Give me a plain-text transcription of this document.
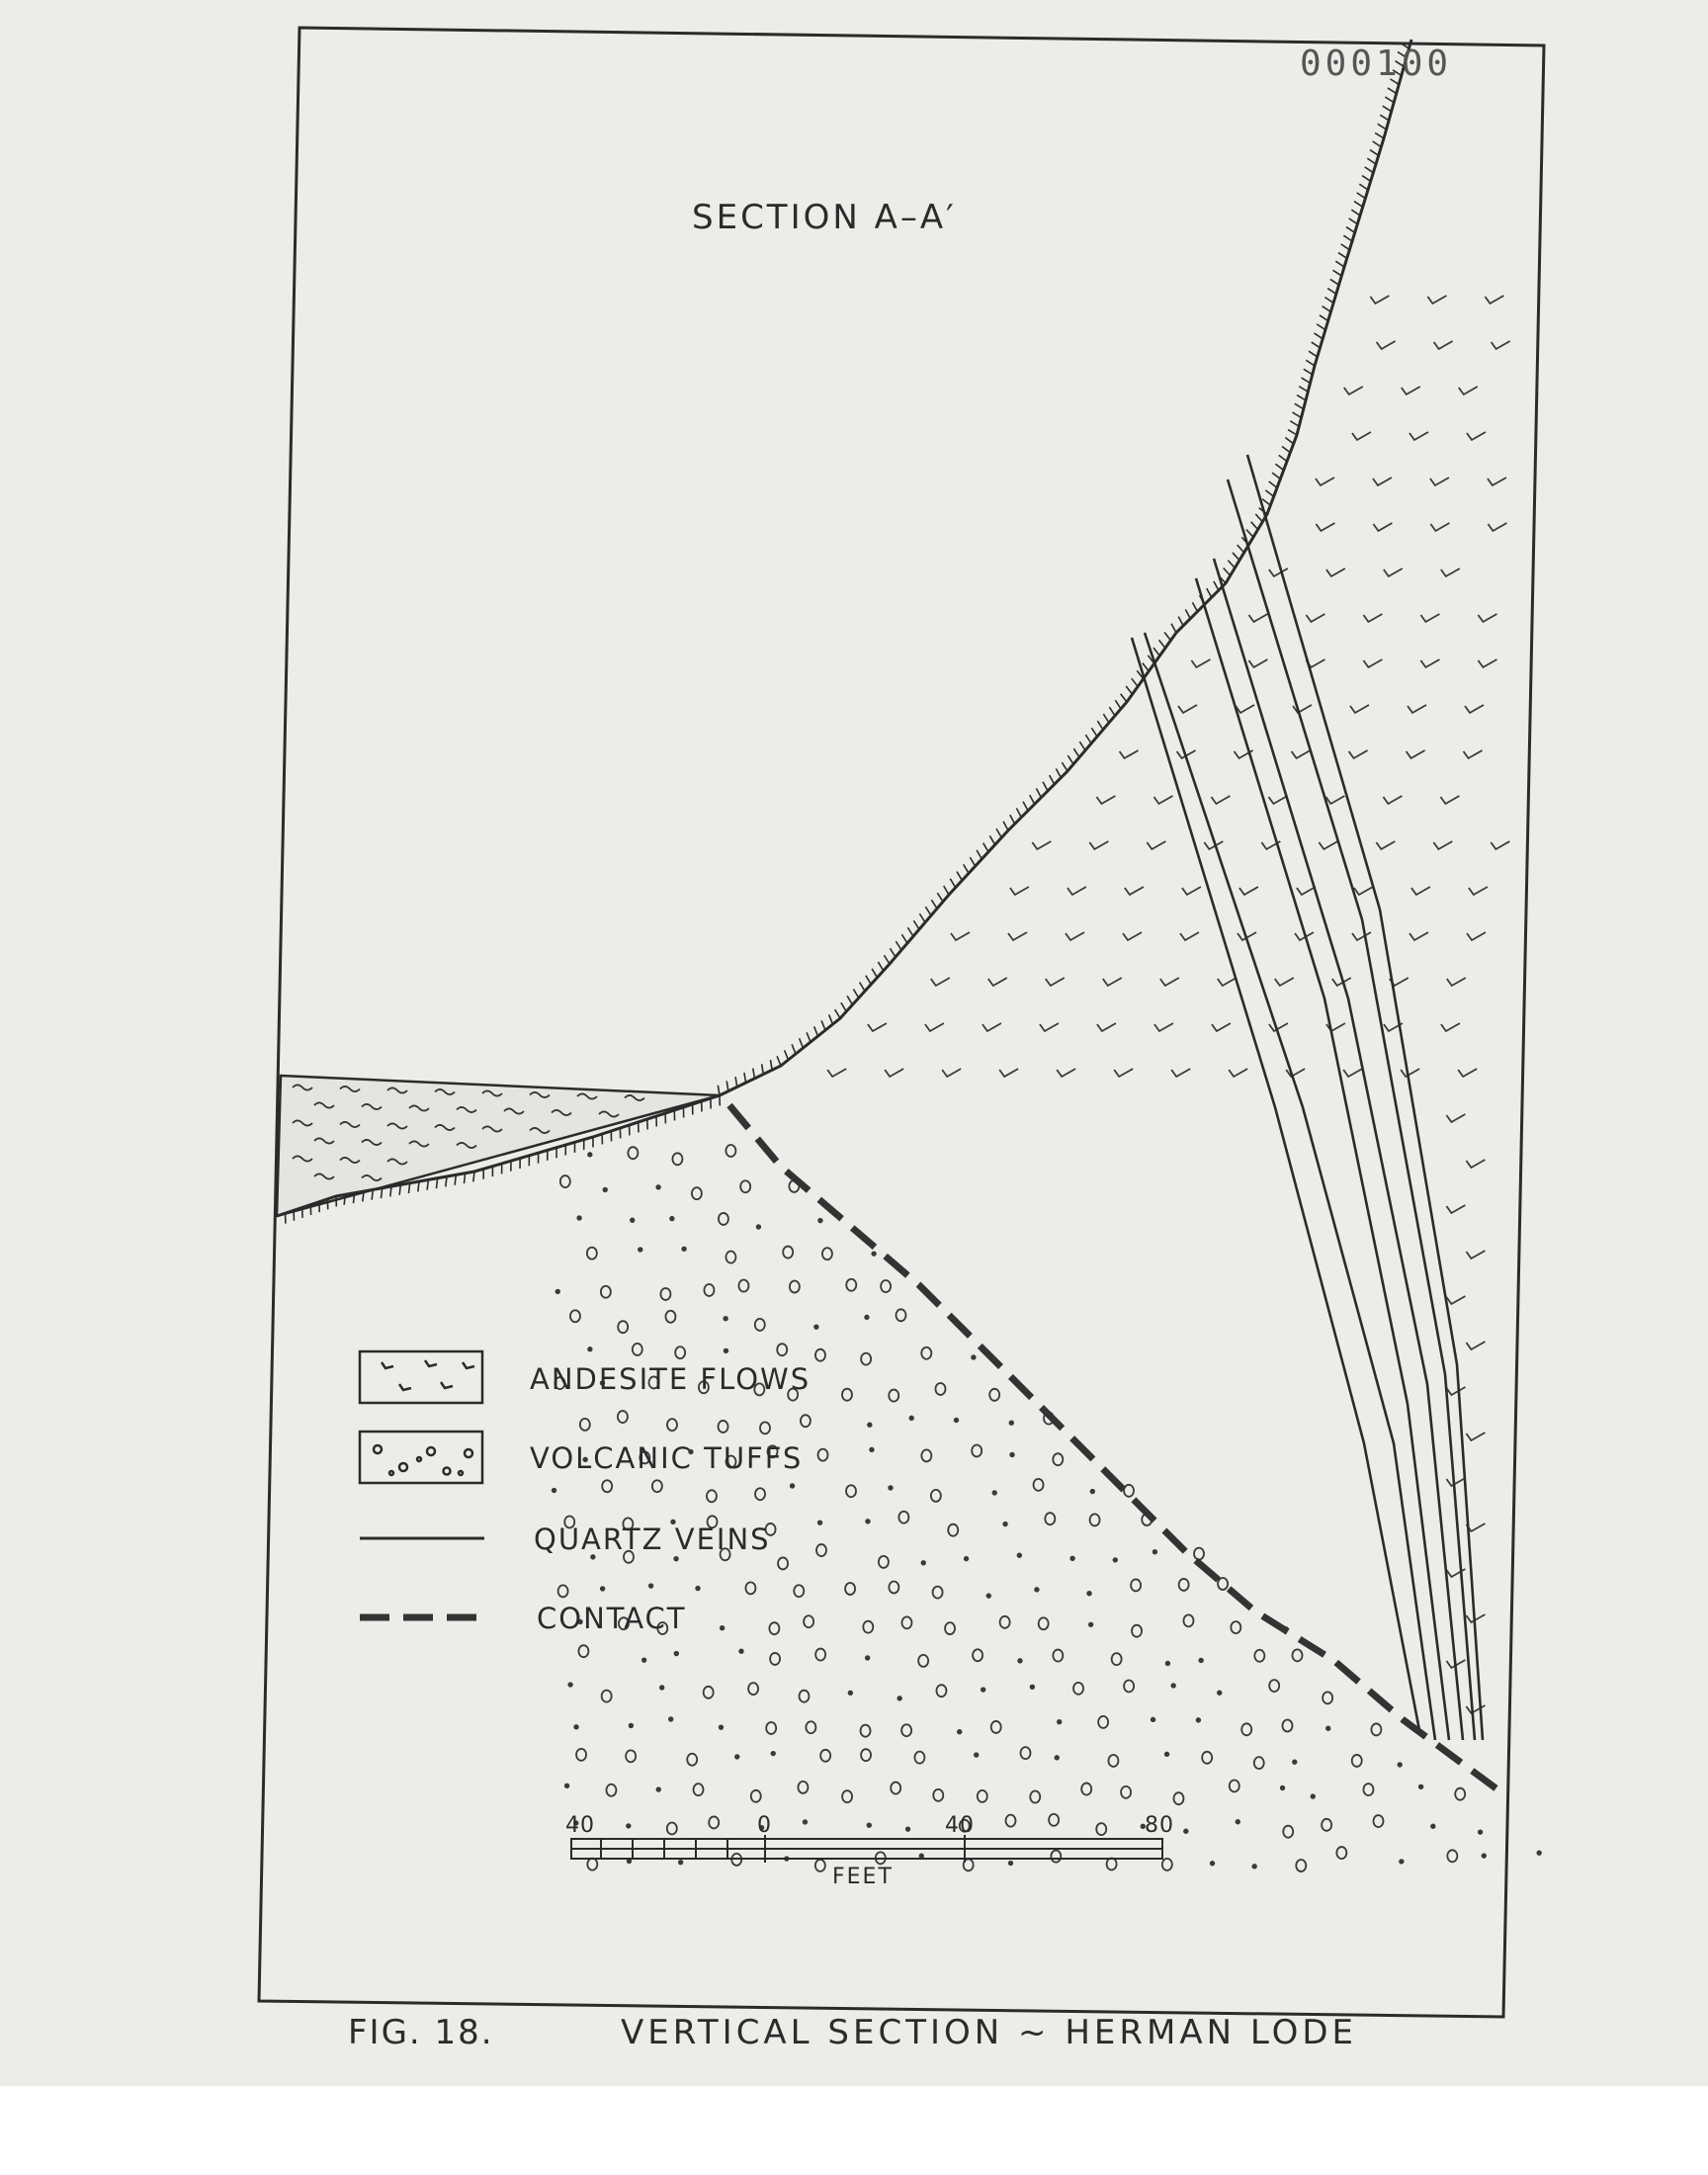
000100
SECTION A–A′
ANDESITE FLOWS
VOLCANIC TUFFS
QUARTZ VEINS
CONTACT
40	0	40	80
FEET
FIG. 18.	VERTICAL SECTION ~ HERMAN LODE
